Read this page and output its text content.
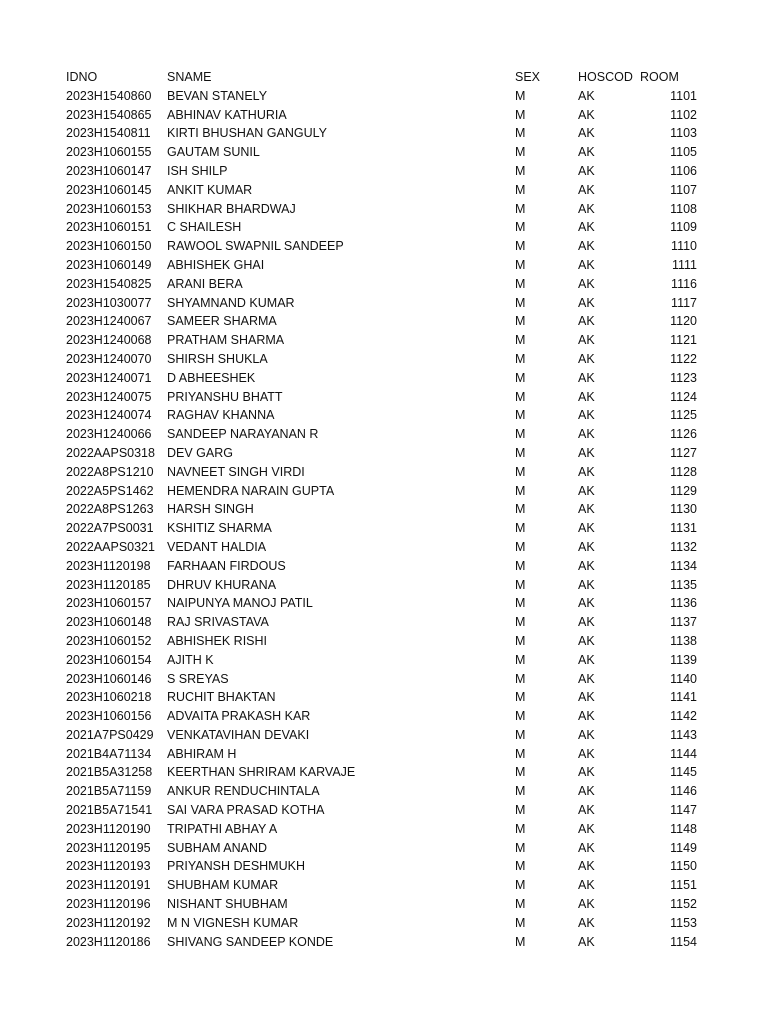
IDNO	SNAME	SEX	HOSCOD ROOM
2023H1540860 BEVAN STANELY	M	AK	1101
2023H1540865 ABHINAV KATHURIA	M	AK	1102
2023H1540811 KIRTI BHUSHAN GANGULY	M	AK	1103
2023H1060155 GAUTAM SUNIL	M	AK	1105
2023H1060147 ISH SHILP	M	AK	1106
2023H1060145 ANKIT KUMAR	M	AK	1107
2023H1060153 SHIKHAR BHARDWAJ	M	AK	1108
2023H1060151 C SHAILESH	M	AK	1109
2023H1060150 RAWOOL SWAPNIL SANDEEP	M	AK	1110
2023H1060149 ABHISHEK GHAI	M	AK	1111
2023H1540825 ARANI BERA	M	AK	1116
2023H1030077 SHYAMNAND KUMAR	M	AK	1117
2023H1240067 SAMEER SHARMA	M	AK	1120
2023H1240068 PRATHAM SHARMA	M	AK	1121
2023H1240070 SHIRSH SHUKLA	M	AK	1122
2023H1240071 D ABHEESHEK	M	AK	1123
2023H1240075 PRIYANSHU BHATT	M	AK	1124
2023H1240074 RAGHAV KHANNA	M	AK	1125
2023H1240066 SANDEEP NARAYANAN R	M	AK	1126
2022AAPS0318 DEV GARG	M	AK	1127
2022A8PS1210 NAVNEET SINGH VIRDI	M	AK	1128
2022A5PS1462 HEMENDRA NARAIN GUPTA	M	AK	1129
2022A8PS1263 HARSH SINGH	M	AK	1130
2022A7PS0031 KSHITIZ SHARMA	M	AK	1131
2022AAPS0321 VEDANT HALDIA	M	AK	1132
2023H1120198 FARHAAN FIRDOUS	M	AK	1134
2023H1120185 DHRUV KHURANA	M	AK	1135
2023H1060157 NAIPUNYA MANOJ PATIL	M	AK	1136
2023H1060148 RAJ SRIVASTAVA	M	AK	1137
2023H1060152 ABHISHEK RISHI	M	AK	1138
2023H1060154 AJITH K	M	AK	1139
2023H1060146 S SREYAS	M	AK	1140
2023H1060218 RUCHIT BHAKTAN	M	AK	1141
2023H1060156 ADVAITA PRAKASH KAR	M	AK	1142
2021A7PS0429 VENKATAVIHAN DEVAKI	M	AK	1143
2021B4A71134 ABHIRAM H	M	AK	1144
2021B5A31258 KEERTHAN SHRIRAM KARVAJE	M	AK	1145
2021B5A71159 ANKUR RENDUCHINTALA	M	AK	1146
2021B5A71541 SAI VARA PRASAD KOTHA	M	AK	1147
2023H1120190 TRIPATHI ABHAY A	M	AK	1148
2023H1120195 SUBHAM ANAND	M	AK	1149
2023H1120193 PRIYANSH DESHMUKH	M	AK	1150
2023H1120191 SHUBHAM KUMAR	M	AK	1151
2023H1120196 NISHANT SHUBHAM	M	AK	1152
2023H1120192 M N VIGNESH KUMAR	M	AK	1153
2023H1120186 SHIVANG SANDEEP KONDE	M	AK	1154
